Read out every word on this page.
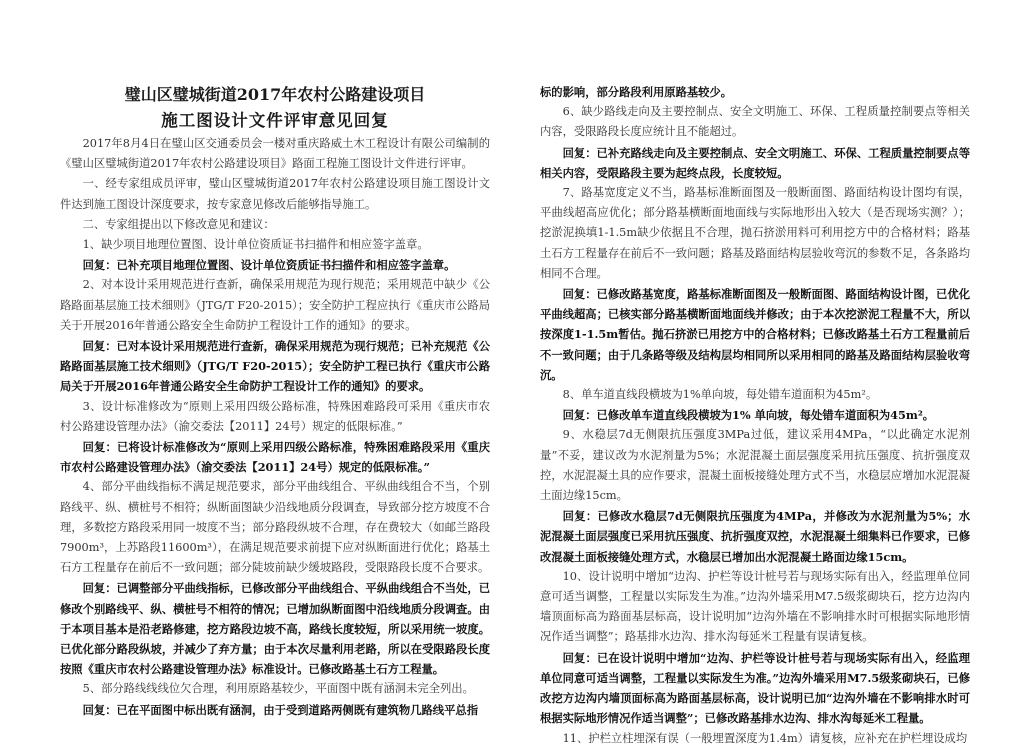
璧山区璧城街道2017年农村公路建设项目

施工图设计文件评审意见回复

2017年8月4日在璧山区交通委员会一楼对重庆路威土木工程设计有限公司编制的《璧山区璧城街道2017年农村公路建设项目》路面工程施工图设计文件进行评审。

一、经专家组成员评审，璧山区璧城街道2017年农村公路建设项目施工图设计文件达到施工图设计深度要求，按专家意见修改后能够指导施工。

二、专家组提出以下修改意见和建议：

1、缺少项目地理位置图、设计单位资质证书扫描件和相应签字盖章。

回复：已补充项目地理位置图、设计单位资质证书扫描件和相应签字盖章。

2、对本设计采用规范进行查新，确保采用规范为现行规范；采用规范中缺少《公路路面基层施工技术细则》（JTG/T F20-2015）；安全防护工程应执行《重庆市公路局关于开展2016年普通公路安全生命防护工程设计工作的通知》的要求。

回复：已对本设计采用规范进行查新，确保采用规范为现行规范；已补充规范《公路路面基层施工技术细则》（JTG/T F20-2015）；安全防护工程已执行《重庆市公路局关于开展2016年普通公路安全生命防护工程设计工作的通知》的要求。

3、设计标准修改为“原则上采用四级公路标准，特殊困难路段可采用《重庆市农村公路建设管理办法》（渝交委法【2011】24号）规定的低限标准。”

回复：已将设计标准修改为“原则上采用四级公路标准，特殊困难路段采用《重庆市农村公路建设管理办法》（渝交委法【2011】24号）规定的低限标准。”

4、部分平曲线指标不满足规范要求，部分平曲线组合、平纵曲线组合不当，个别路线平、纵、横桩号不相符；纵断面图缺少沿线地质分段调查，导致部分挖方坡度不合理，多数挖方路段采用同一坡度不当；部分路段纵坡不合理，存在费较大（如邮兰路段7900m³，上苏路段11600m³），在满足规范要求前提下应对纵断面进行优化；路基土石方工程量存在前后不一致问题；部分陡坡前缺少缓坡路段，受限路段长度不合要求。

回复：已调整部分平曲线指标，已修改部分平曲线组合、平纵曲线组合不当处，已修改个别路线平、纵、横桩号不相符的情况；已增加纵断面图中沿线地质分段调查。由于本项目基本是沿老路修建，挖方路段边坡不高，路线长度较短，所以采用统一坡度。已优化部分路段纵坡，并减少了弃方量；由于本次尽量利用老路，所以在受限路段长度按照《重庆市农村公路建设管理办法》标准设计。已修改路基土石方工程量。

5、部分路线线线位欠合理，利用原路基较少，平面图中既有涵洞未完全列出。

回复：已在平面图中标出既有涵洞，由于受到道路两侧既有建筑物几路线平总指

标的影响，部分路段利用原路基较少。

6、缺少路线走向及主要控制点、安全文明施工、环保、工程质量控制要点等相关内容，受限路段长度应统计且不能超过。

回复：已补充路线走向及主要控制点、安全文明施工、环保、工程质量控制要点等相关内容，受限路段主要为起终点段，长度较短。

7、路基宽度定义不当，路基标准断面图及一般断面图、路面结构设计图均有误，平曲线超高应优化；部分路基横断面地面线与实际地形出入较大（是否现场实测？）；挖淤泥换填1-1.5m缺少依据且不合理，抛石挤淤用料可利用挖方中的合格材料；路基土石方工程量存在前后不一致问题；路基及路面结构层验收弯沉的参数不足，各条路均相同不合理。

回复：已修改路基宽度，路基标准断面图及一般断面图、路面结构设计图，已优化平曲线超高；已核实部分路基横断面地面线并修改；由于本次挖淤泥工程量不大，所以按深度1-1.5m暂估。抛石挤淤已用挖方中的合格材料；已修改路基土石方工程量前后不一致问题；由于几条路等级及结构层均相同所以采用相同的路基及路面结构层验收弯沉。

8、单车道直线段横坡为1%单向坡，每处错车道面积为45m²。

回复：已修改单车道直线段横坡为1% 单向坡，每处错车道面积为45m²。

9、水稳层7d无侧限抗压强度3MPa过低，建议采用4MPa，“以此确定水泥剂量”不妥，建议改为水泥剂量为5%；水泥混凝土面层强度采用抗压强度、抗折强度双控，水泥混凝土具的应作要求，混凝土面板接缝处理方式不当，水稳层应增加水泥混凝土面边缘15cm。

回复：已修改水稳层7d无侧限抗压强度为4MPa，并修改为水泥剂量为5%；水泥混凝土面层强度已采用抗压强度、抗折强度双控，水泥混凝土细集料已作要求，已修改混凝土面板接缝处理方式，水稳层已增加出水泥混凝土路面边缘15cm。

10、设计说明中增加“边沟、护栏等设计桩号若与现场实际有出入，经监理单位同意可适当调整，工程量以实际发生为准。”边沟外墙采用M7.5级浆砌块石，挖方边沟内墙顶面标高为路面基层标高，设计说明加“边沟外墙在不影响排水时可根据实际地形情况作适当调整”；路基排水边沟、排水沟每延米工程量有误请复核。

回复：已在设计说明中增加“边沟、护栏等设计桩号若与现场实际有出入，经监理单位同意可适当调整，工程量以实际发生为准。”边沟外墙采用M7.5级浆砌块石，已修改挖方边沟内墙顶面标高为路面基层标高，设计说明已加“边沟外墙在不影响排水时可根据实际地形情况作适当调整”；已修改路基排水边沟、排水沟每延米工程量。

11、护栏立柱埋深有误（一般埋置深度为1.4m）请复核，应补充在护栏埋设成均
